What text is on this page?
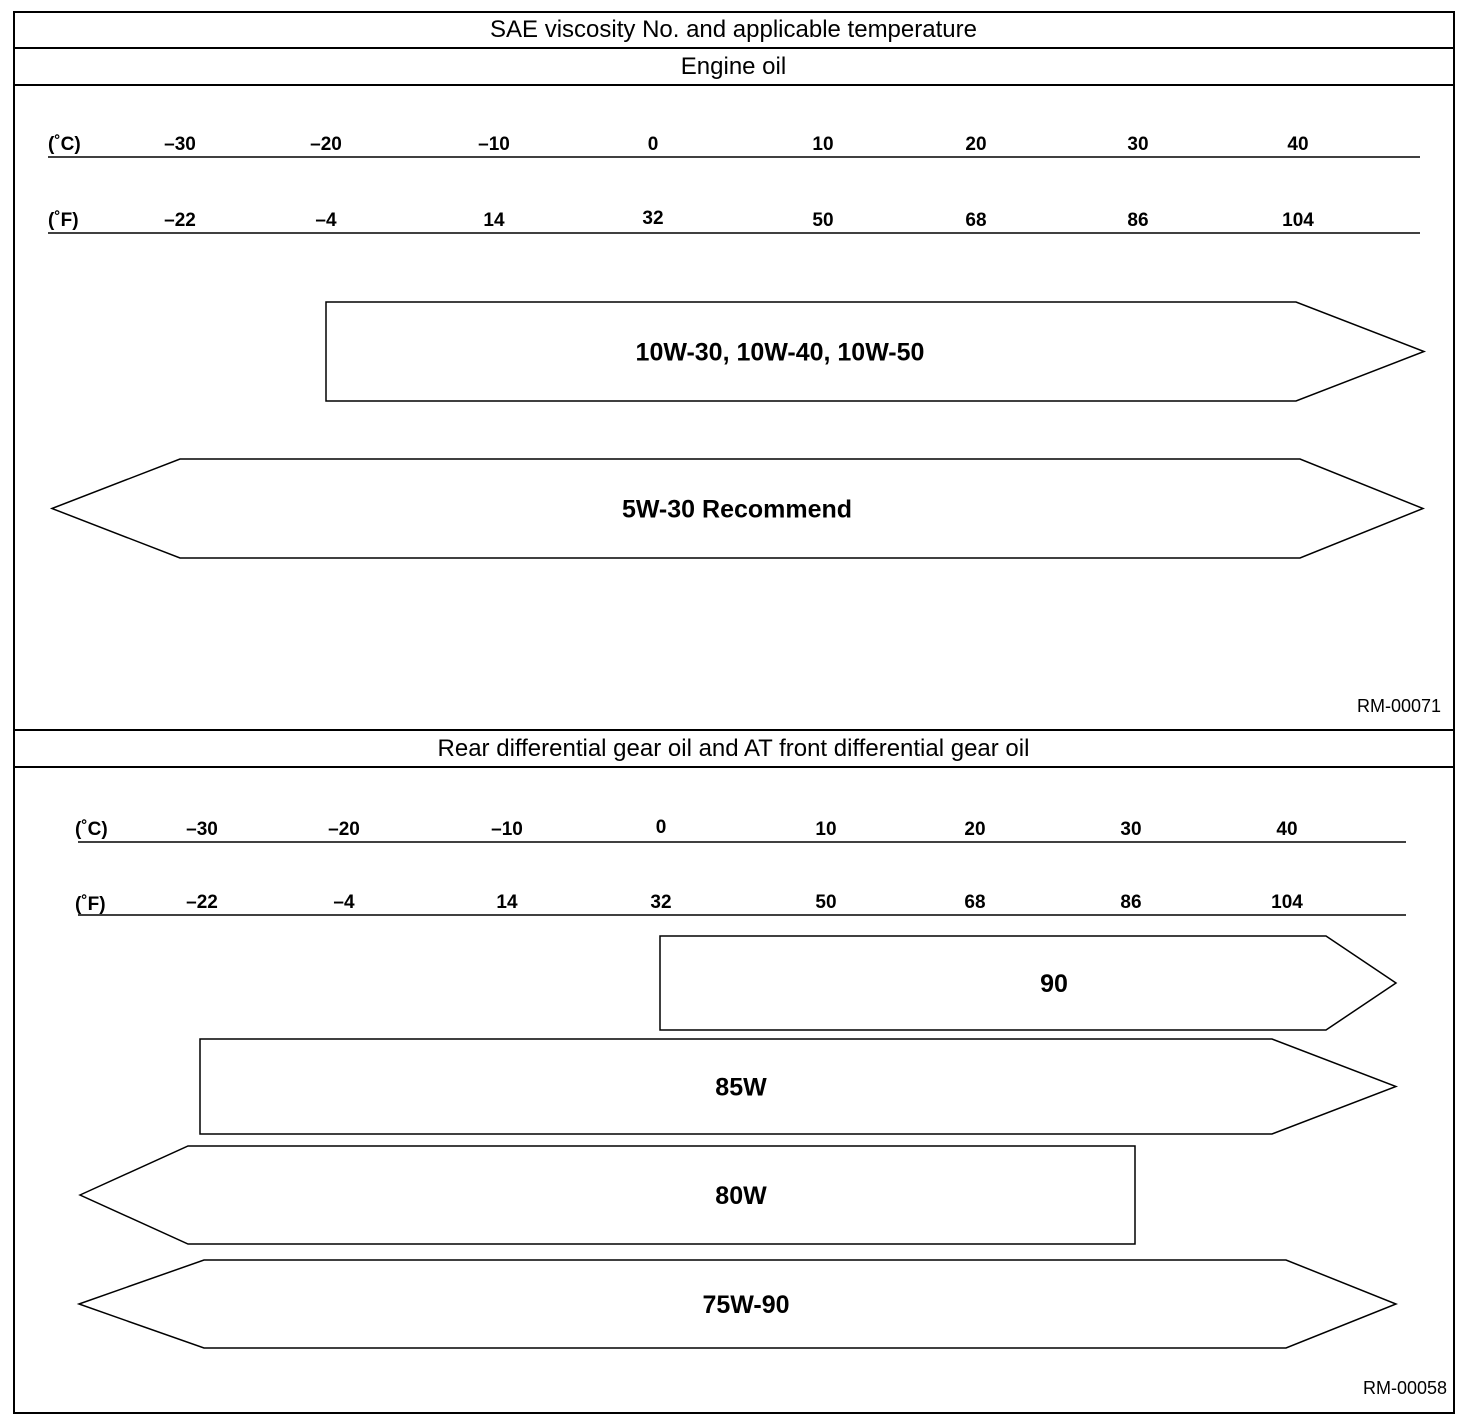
SAE viscosity No. and applicable temperature
Engine oil
Rear differential gear oil and AT front differential gear oil
(˚C)
(˚F)
–30	–20	–10	0	10	20	30	40
–22	–4	14	32	50	68	86	104
10W-30, 10W-40, 10W-50
5W-30 Recommend
RM-00071
(˚C)
(˚F)
–30	–20	–10	0	10	20	30	40
–22	–4	14	32	50	68	86	104
90
85W
80W
75W-90
RM-00058
